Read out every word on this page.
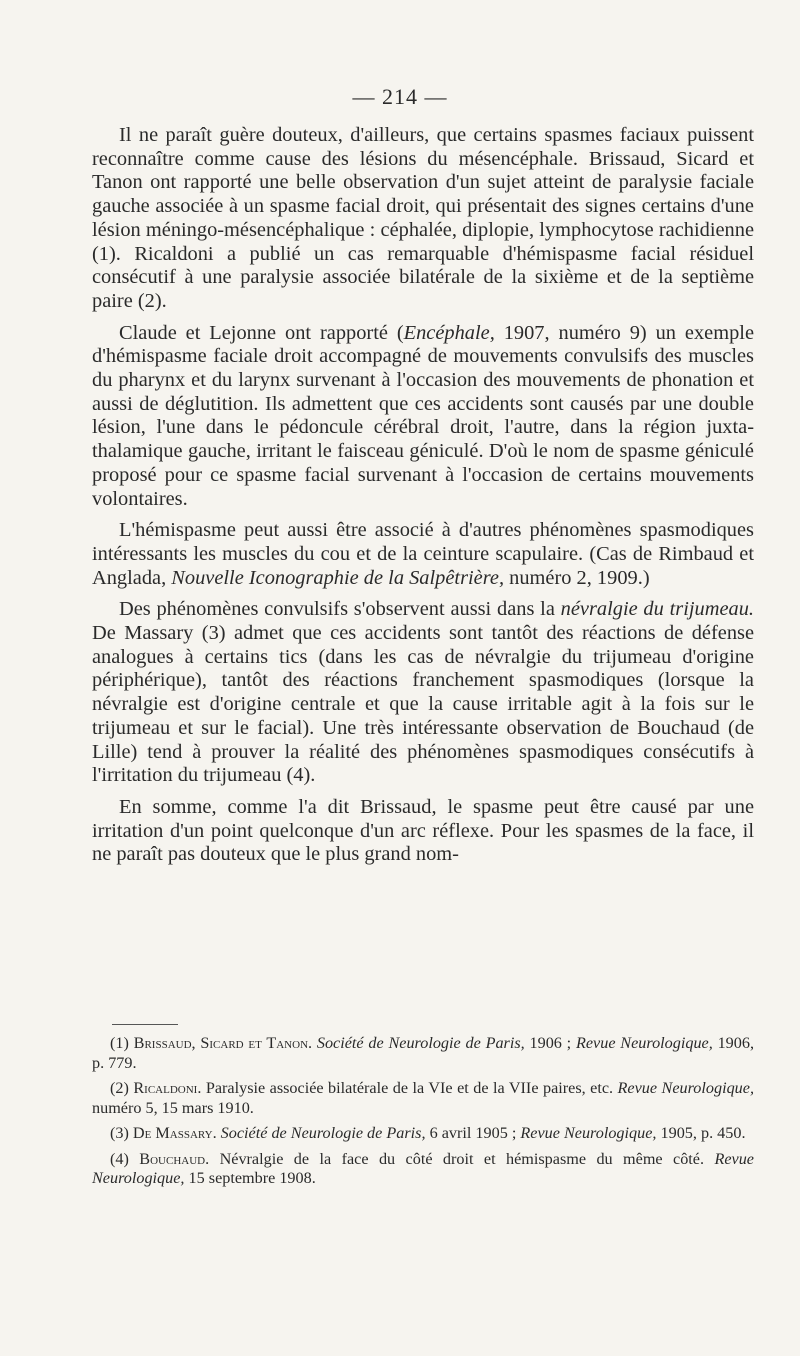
— 214 —

Il ne paraît guère douteux, d'ailleurs, que certains spasmes faciaux puissent reconnaître comme cause des lésions du mésencéphale. Brissaud, Sicard et Tanon ont rapporté une belle observation d'un sujet atteint de paralysie faciale gauche associée à un spasme facial droit, qui présentait des signes certains d'une lésion méningo-mésencéphalique : céphalée, diplopie, lymphocytose rachidienne (1). Ricaldoni a publié un cas remarquable d'hémispasme facial résiduel consécutif à une paralysie associée bilatérale de la sixième et de la septième paire (2).

Claude et Lejonne ont rapporté (Encéphale, 1907, numéro 9) un exemple d'hémispasme faciale droit accompagné de mouvements convulsifs des muscles du pharynx et du larynx survenant à l'occasion des mouvements de phonation et aussi de déglutition. Ils admettent que ces accidents sont causés par une double lésion, l'une dans le pédoncule cérébral droit, l'autre, dans la région juxta-thalamique gauche, irritant le faisceau géniculé. D'où le nom de spasme géniculé proposé pour ce spasme facial survenant à l'occasion de certains mouvements volontaires.

L'hémispasme peut aussi être associé à d'autres phénomènes spasmodiques intéressants les muscles du cou et de la ceinture scapulaire. (Cas de Rimbaud et Anglada, Nouvelle Iconographie de la Salpêtrière, numéro 2, 1909.)

Des phénomènes convulsifs s'observent aussi dans la névralgie du trijumeau. De Massary (3) admet que ces accidents sont tantôt des réactions de défense analogues à certains tics (dans les cas de névralgie du trijumeau d'origine périphérique), tantôt des réactions franchement spasmodiques (lorsque la névralgie est d'origine centrale et que la cause irritable agit à la fois sur le trijumeau et sur le facial). Une très intéressante observation de Bouchaud (de Lille) tend à prouver la réalité des phénomènes spasmodiques consécutifs à l'irritation du trijumeau (4).

En somme, comme l'a dit Brissaud, le spasme peut être causé par une irritation d'un point quelconque d'un arc réflexe. Pour les spasmes de la face, il ne paraît pas douteux que le plus grand nom-

(1) Brissaud, Sicard et Tanon. Société de Neurologie de Paris, 1906 ; Revue Neurologique, 1906, p. 779.

(2) Ricaldoni. Paralysie associée bilatérale de la VIe et de la VIIe paires, etc. Revue Neurologique, numéro 5, 15 mars 1910.

(3) De Massary. Société de Neurologie de Paris, 6 avril 1905 ; Revue Neurologique, 1905, p. 450.

(4) Bouchaud. Névralgie de la face du côté droit et hémispasme du même côté. Revue Neurologique, 15 septembre 1908.
